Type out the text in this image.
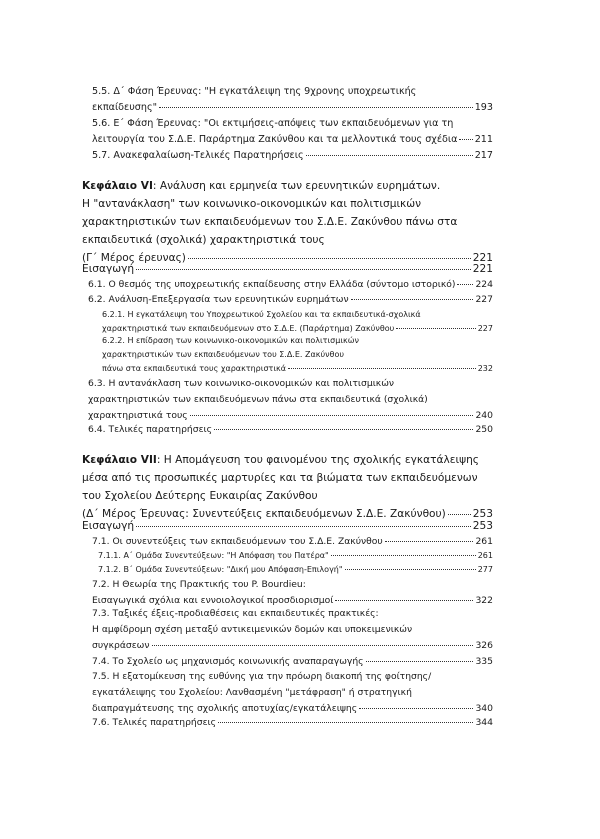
5.5. Δ΄ Φάση Έρευνας: "Η εγκατάλειψη της 9χρονης υποχρεωτικής
εκπαίδευσης"	193
5.6. Ε΄ Φάση Έρευνας: "Οι εκτιμήσεις-απόψεις των εκπαιδευόμενων για τη
λειτουργία του Σ.Δ.Ε. Παράρτημα Ζακύνθου και τα μελλοντικά τους σχέδια 211
5.7. Ανακεφαλαίωση-Τελικές Παρατηρήσεις	217
Κεφάλαιο VI: Ανάλυση και ερμηνεία των ερευνητικών ευρημάτων.
Η "αντανάκλαση" των κοινωνικο-οικονομικών και πολιτισμικών
χαρακτηριστικών των εκπαιδευόμενων του Σ.Δ.Ε. Ζακύνθου πάνω στα
εκπαιδευτικά (σχολικά) χαρακτηριστικά τους
(Γ΄ Μέρος έρευνας)	221
Εισαγωγή	221
6.1. Ο θεσμός της υποχρεωτικής εκπαίδευσης στην Ελλάδα (σύντομο ιστορικό) 224
6.2. Ανάλυση-Επεξεργασία των ερευνητικών ευρημάτων	227
6.2.1. Η εγκατάλειψη του Υποχρεωτικού Σχολείου και τα εκπαιδευτικά-σχολικά
χαρακτηριστικά των εκπαιδευόμενων στο Σ.Δ.Ε. (Παράρτημα) Ζακύνθου	227
6.2.2. Η επίδραση των κοινωνικο-οικονομικών και πολιτισμικών
χαρακτηριστικών των εκπαιδευόμενων του Σ.Δ.Ε. Ζακύνθου
πάνω στα εκπαιδευτικά τους χαρακτηριστικά	232
6.3. Η αντανάκλαση των κοινωνικο-οικονομικών και πολιτισμικών
χαρακτηριστικών των εκπαιδευόμενων πάνω στα εκπαιδευτικά (σχολικά)
χαρακτηριστικά τους	240
6.4. Τελικές παρατηρήσεις	250
Κεφάλαιο VII: Η Απομάγευση του φαινομένου της σχολικής εγκατάλειψης
μέσα από τις προσωπικές μαρτυρίες και τα βιώματα των εκπαιδευόμενων
του Σχολείου Δεύτερης Ευκαιρίας Ζακύνθου
(Δ΄ Μέρος Έρευνας: Συνεντεύξεις εκπαιδευόμενων Σ.Δ.Ε. Ζακύνθου)	253
Εισαγωγή	253
7.1. Οι συνεντεύξεις των εκπαιδευόμενων του Σ.Δ.Ε. Ζακύνθου	261
7.1.1. Α΄ Ομάδα Συνεντεύξεων: "Η Απόφαση του Πατέρα"	261
7.1.2. Β΄ Ομάδα Συνεντεύξεων: "Δική μου Απόφαση-Επιλογή"	277
7.2. Η Θεωρία της Πρακτικής του P. Bourdieu:
Εισαγωγικά σχόλια και εννοιολογικοί προσδιορισμοί	322
7.3. Ταξικές έξεις-προδιαθέσεις και εκπαιδευτικές πρακτικές:
Η αμφίδρομη σχέση μεταξύ αντικειμενικών δομών και υποκειμενικών
συγκράσεων	326
7.4. Το Σχολείο ως μηχανισμός κοινωνικής αναπαραγωγής	335
7.5. Η εξατομίκευση της ευθύνης για την πρόωρη διακοπή της φοίτησης/
εγκατάλειψης του Σχολείου: Λανθασμένη "μετάφραση" ή στρατηγική
διαπραγμάτευσης της σχολικής αποτυχίας/εγκατάλειψης	340
7.6. Τελικές παρατηρήσεις	344
